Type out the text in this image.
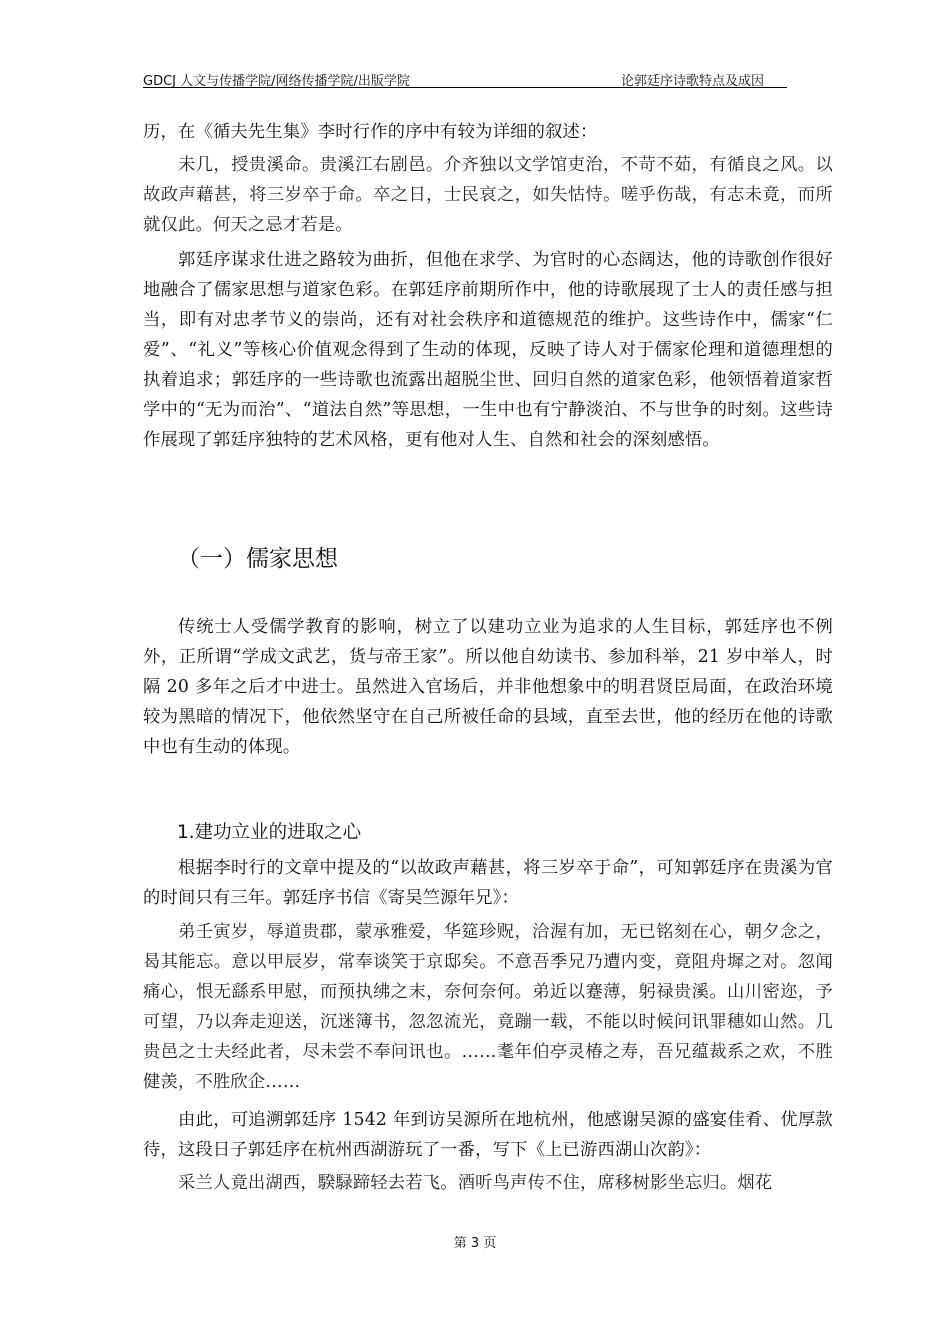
GDCJ 人文与传播学院/网络传播学院/出版学院	论郭廷序诗歌特点及成因

历，在《循夫先生集》李时行作的序中有较为详细的叙述：

未几，授贵溪命。贵溪江右剧邑。介齐独以文学馆吏治，不苛不茹，有循良之风。以故政声藉甚，将三岁卒于命。卒之日，士民哀之，如失怙恃。嗟乎伤哉，有志未竟，而所就仅此。何天之忌才若是。

郭廷序谋求仕进之路较为曲折，但他在求学、为官时的心态阔达，他的诗歌创作很好地融合了儒家思想与道家色彩。在郭廷序前期所作中，他的诗歌展现了士人的责任感与担当，即有对忠孝节义的崇尚，还有对社会秩序和道德规范的维护。这些诗作中，儒家“仁爱”、“礼义”等核心价值观念得到了生动的体现，反映了诗人对于儒家伦理和道德理想的执着追求；郭廷序的一些诗歌也流露出超脱尘世、回归自然的道家色彩，他领悟着道家哲学中的“无为而治”、“道法自然”等思想，一生中也有宁静淡泊、不与世争的时刻。这些诗作展现了郭廷序独特的艺术风格，更有他对人生、自然和社会的深刻感悟。

（一）儒家思想

传统士人受儒学教育的影响，树立了以建功立业为追求的人生目标，郭廷序也不例外，正所谓“学成文武艺，货与帝王家”。所以他自幼读书、参加科举，21 岁中举人，时隔 20 多年之后才中进士。虽然进入官场后，并非他想象中的明君贤臣局面，在政治环境较为黑暗的情况下，他依然坚守在自己所被任命的县域，直至去世，他的经历在他的诗歌中也有生动的体现。

1.建功立业的进取之心

根据李时行的文章中提及的“以故政声藉甚，将三岁卒于命”，可知郭廷序在贵溪为官的时间只有三年。郭廷序书信《寄吴竺源年兄》：

弟壬寅岁，辱道贵郡，蒙承雅爱，华筵珍贶，洽渥有加，无已铭刻在心，朝夕念之，曷其能忘。意以甲辰岁，常奉谈笑于京邸矣。不意吾季兄乃遭内变，竟阻舟墀之对。忽闻痛心，恨无繇系甲慰，而预执绋之末，奈何奈何。弟近以蹇薄，躬禄贵溪。山川密迩，予可望，乃以奔走迎送，沉迷簿书，忽忽流光，竟蹦一载，不能以时候问讯罪穗如山然。几贵邑之士夫经此者，尽未尝不奉问讯也。……耄年伯亭灵椿之寿，吾兄蕴裁系之欢，不胜健羡，不胜欣企……

由此，可追溯郭廷序 1542 年到访吴源所在地杭州，他感谢吴源的盛宴佳肴、优厚款待，这段日子郭廷序在杭州西湖游玩了一番，写下《上已游西湖山次韵》：

采兰人竟出湖西，騤騄蹄轻去若飞。酒听鸟声传不住，席移树影坐忘归。烟花

第 3 页
